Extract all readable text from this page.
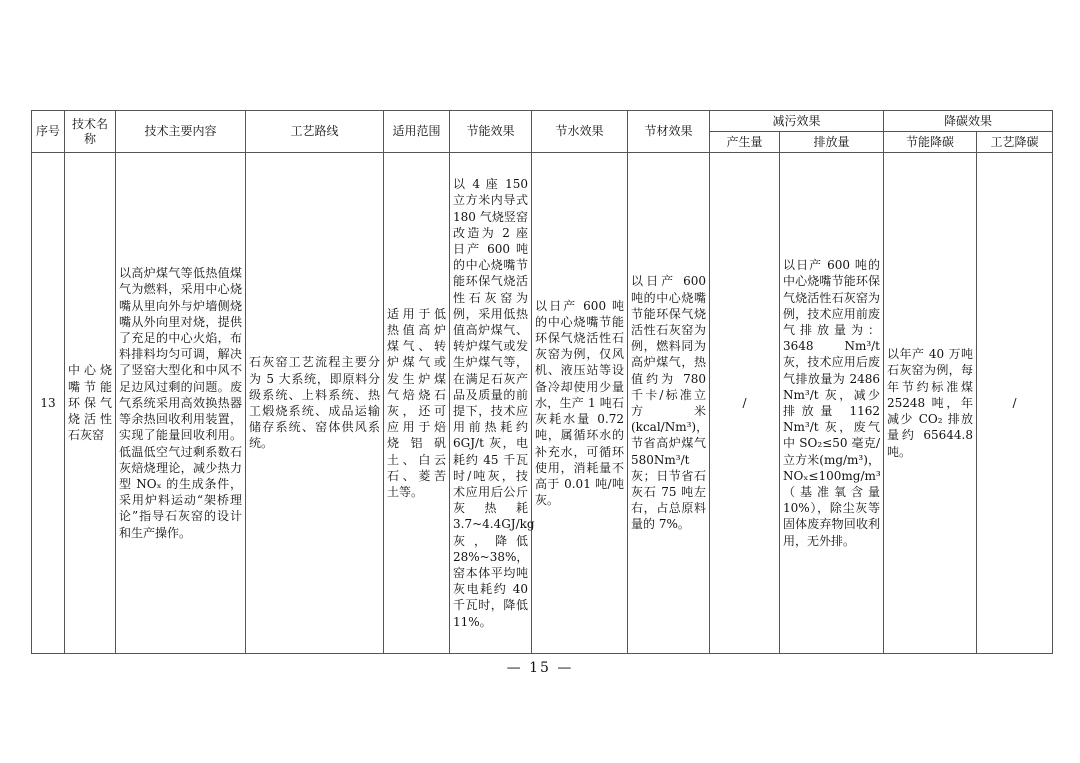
序号	技术名称	技术主要内容	工艺路线	适用范围	节能效果	节水效果	节材效果	减污效果		降碳效果	
								产生量	排放量	节能降碳	工艺降碳
13	中心烧嘴节能环保气烧活性石灰窑	以高炉煤气等低热值煤气为燃料，采用中心烧嘴从里向外与炉墙侧烧嘴从外向里对烧，提供了充足的中心火焰，布料排料均匀可调，解决了竖窑大型化和中风不足边风过剩的问题。废气系统采用高效换热器等余热回收利用装置，实现了能量回收利用。低温低空气过剩系数石灰焙烧理论，减少热力型 NOₓ 的生成条件，采用炉料运动“架桥理论”指导石灰窑的设计和生产操作。	石灰窑工艺流程主要分为 5 大系统，即原料分级系统、上料系统、热工煅烧系统、成品运输储存系统、窑体供风系统。	适用于低热值高炉煤气、转炉煤气或发生炉煤气焙烧石灰，还可应用于焙烧铝矾土、白云石、菱苦土等。	以 4 座 150 立方米内导式 180 气烧竖窑改造为 2 座日产 600 吨的中心烧嘴节能环保气烧活性石灰窑为例，采用低热值高炉煤气、转炉煤气或发生炉煤气等，在满足石灰产品及质量的前提下，技术应用前热耗约 6GJ/t 灰，电耗约 45 千瓦时/吨灰，技术应用后公斤灰热耗 3.7~4.4GJ/kg 灰，降低 28%~38%，窑本体平均吨灰电耗约 40 千瓦时，降低 11%。	以日产 600 吨的中心烧嘴节能环保气烧活性石灰窑为例，仅风机、液压站等设备冷却使用少量水，生产 1 吨石灰耗水量 0.72 吨，属循环水的补充水，可循环使用，消耗量不高于 0.01 吨/吨灰。	以日产 600 吨的中心烧嘴节能环保气烧活性石灰窑为例，燃料同为高炉煤气，热值约为 780 千卡/标准立方米 (kcal/Nm³)，节省高炉煤气 580Nm³/t 灰；日节省石灰石 75 吨左右，占总原料量的 7%。	/	以日产 600 吨的中心烧嘴节能环保气烧活性石灰窑为例，技术应用前废气排放量为：3648 Nm³/t 灰，技术应用后废气排放量为 2486 Nm³/t 灰，减少排放量 1162 Nm³/t 灰，废气中 SO₂≤50 毫克/立方米(mg/m³)，NOₓ≤100mg/m³（基准氧含量 10%），除尘灰等固体废弃物回收利用，无外排。	以年产 40 万吨石灰窑为例，每年节约标准煤 25248 吨，年减少 CO₂ 排放量约 65644.8 吨。	/
— 15 —
